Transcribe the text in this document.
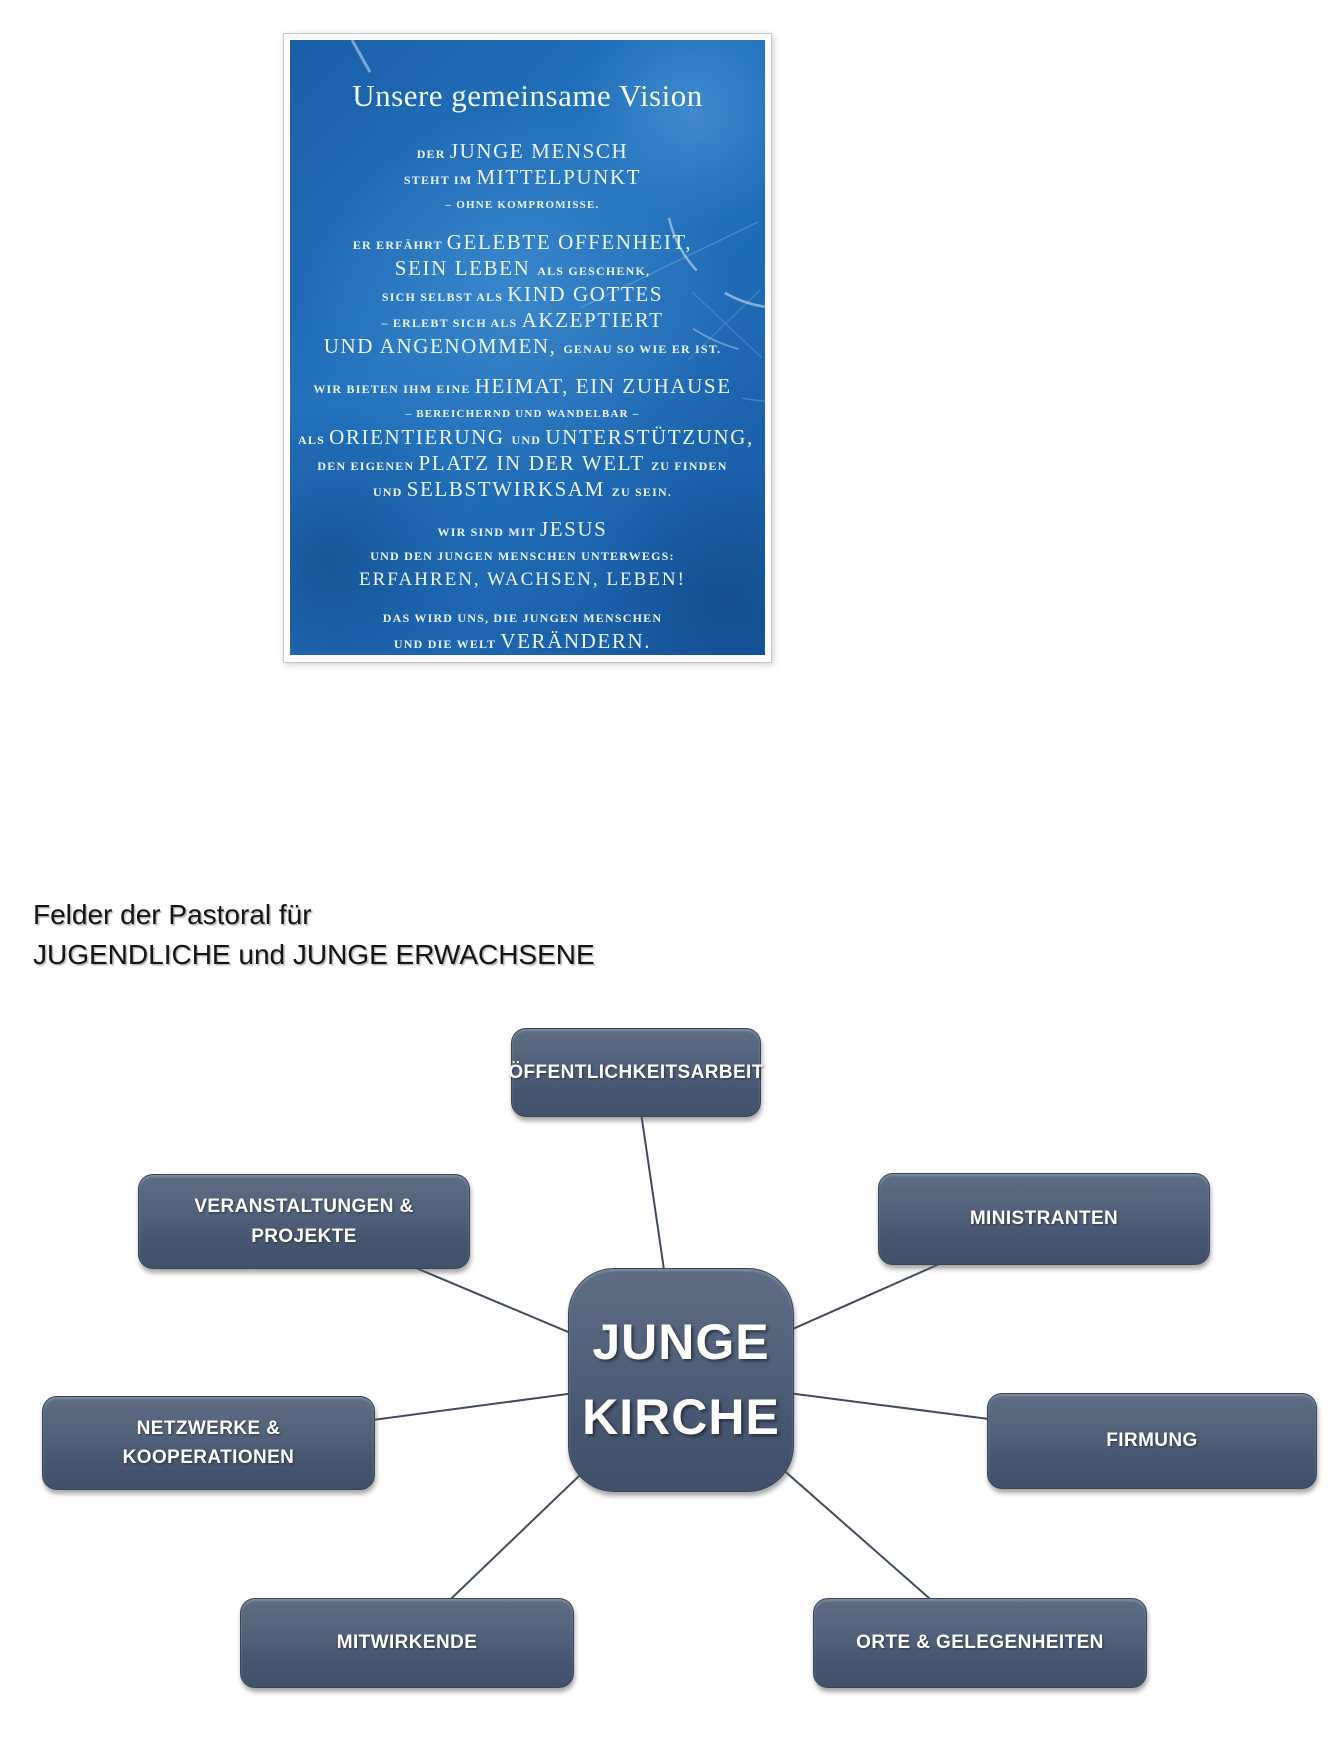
Unsere gemeinsame Vision
DER JUNGE MENSCH
STEHT IM MITTELPUNKT
– OHNE KOMPROMISSE.
ER ERFÄHRT GELEBTE OFFENHEIT,
SEIN LEBEN ALS GESCHENK,
SICH SELBST ALS KIND GOTTES
– ERLEBT SICH ALS AKZEPTIERT
UND ANGENOMMEN, GENAU SO WIE ER IST.
WIR BIETEN IHM EINE HEIMAT, EIN ZUHAUSE
– BEREICHERND UND WANDELBAR –
ALS ORIENTIERUNG UND UNTERSTÜTZUNG,
DEN EIGENEN PLATZ IN DER WELT ZU FINDEN
UND SELBSTWIRKSAM ZU SEIN.
WIR SIND MIT JESUS
UND DEN JUNGEN MENSCHEN UNTERWEGS:
ERFAHREN, WACHSEN, LEBEN!
DAS WIRD UNS, DIE JUNGEN MENSCHEN
UND DIE WELT VERÄNDERN.
Felder der Pastoral für
JUGENDLICHE und JUNGE ERWACHSENE
JUNGE
KIRCHE
ÖFFENTLICHKEITSARBEIT
VERANSTALTUNGEN &
PROJEKTE
MINISTRANTEN
NETZWERKE &
KOOPERATIONEN
FIRMUNG
MITWIRKENDE	ORTE & GELEGENHEITEN
